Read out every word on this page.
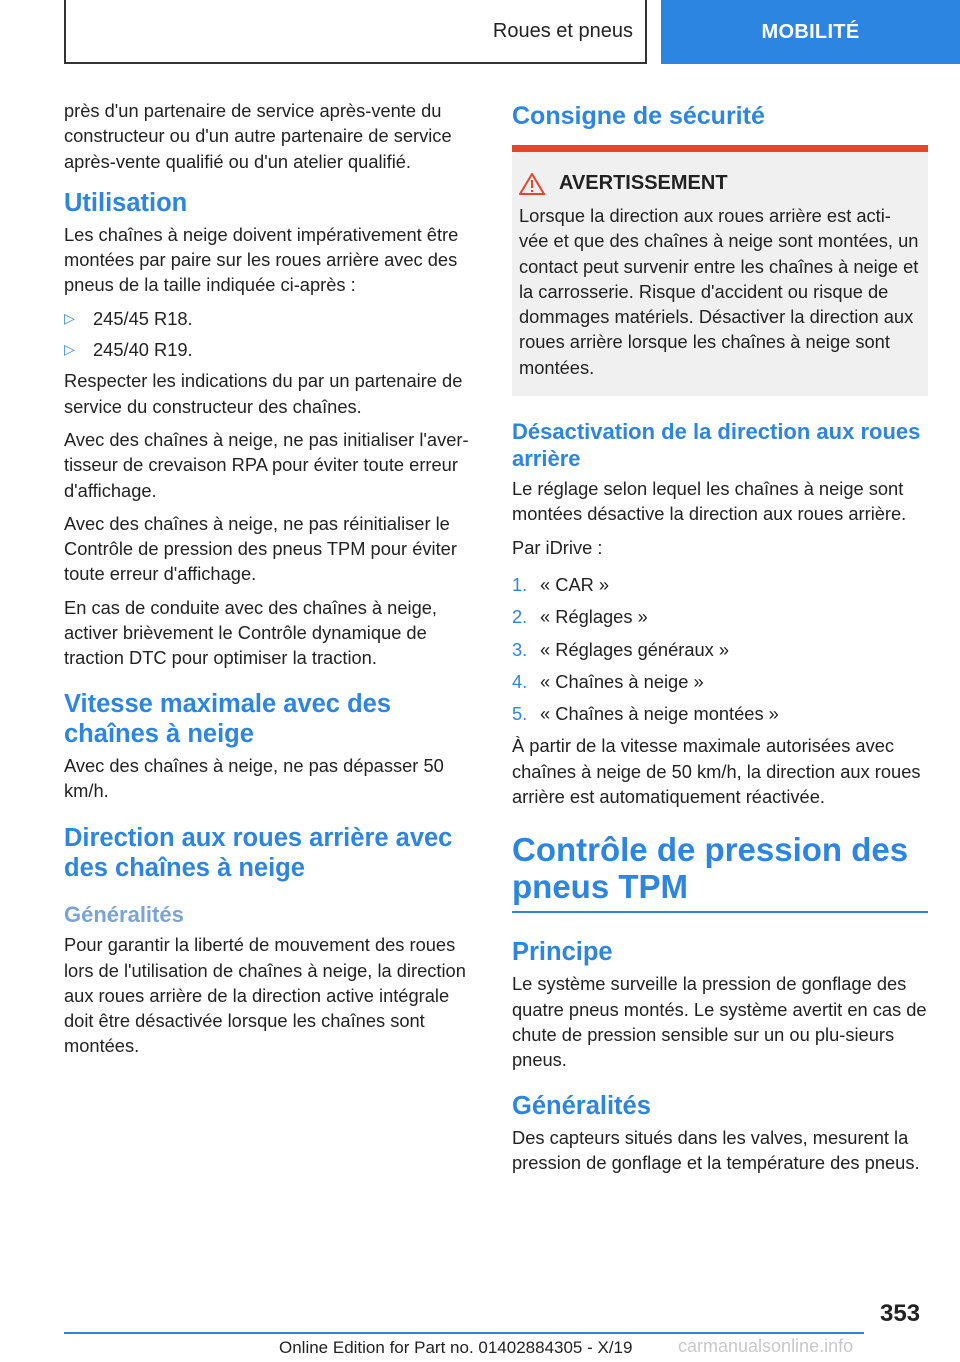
Roues et pneus	MOBILITÉ

près d'un partenaire de service après-vente du constructeur ou d'un autre partenaire de service après-vente qualifié ou d'un atelier qualifié.

Utilisation

Les chaînes à neige doivent impérativement être montées par paire sur les roues arrière avec des pneus de la taille indiquée ci-après :

▷ 245/45 R18.
▷ 245/40 R19.

Respecter les indications du par un partenaire de service du constructeur des chaînes.

Avec des chaînes à neige, ne pas initialiser l'aver-tisseur de crevaison RPA pour éviter toute erreur d'affichage.

Avec des chaînes à neige, ne pas réinitialiser le Contrôle de pression des pneus TPM pour éviter toute erreur d'affichage.

En cas de conduite avec des chaînes à neige, activer brièvement le Contrôle dynamique de traction DTC pour optimiser la traction.

Vitesse maximale avec des chaînes à neige

Avec des chaînes à neige, ne pas dépasser 50 km/h.

Direction aux roues arrière avec des chaînes à neige
Généralités

Pour garantir la liberté de mouvement des roues lors de l'utilisation de chaînes à neige, la direction aux roues arrière de la direction active intégrale doit être désactivée lorsque les chaînes sont montées.

Consigne de sécurité
AVERTISSEMENT

Lorsque la direction aux roues arrière est acti-vée et que des chaînes à neige sont montées, un contact peut survenir entre les chaînes à neige et la carrosserie. Risque d'accident ou risque de dommages matériels. Désactiver la direction aux roues arrière lorsque les chaînes à neige sont montées.

Désactivation de la direction aux roues arrière

Le réglage selon lequel les chaînes à neige sont montées désactive la direction aux roues arrière.

Par iDrive :

1. « CAR »
2. « Réglages »
3. « Réglages généraux »
4. « Chaînes à neige »
5. « Chaînes à neige montées »

À partir de la vitesse maximale autorisées avec chaînes à neige de 50 km/h, la direction aux roues arrière est automatiquement réactivée.

Contrôle de pression des pneus TPM
Principe

Le système surveille la pression de gonflage des quatre pneus montés. Le système avertit en cas de chute de pression sensible sur un ou plu-sieurs pneus.

Généralités

Des capteurs situés dans les valves, mesurent la pression de gonflage et la température des pneus.

353
Online Edition for Part no. 01402884305 - X/19	carmanualsonline.info
